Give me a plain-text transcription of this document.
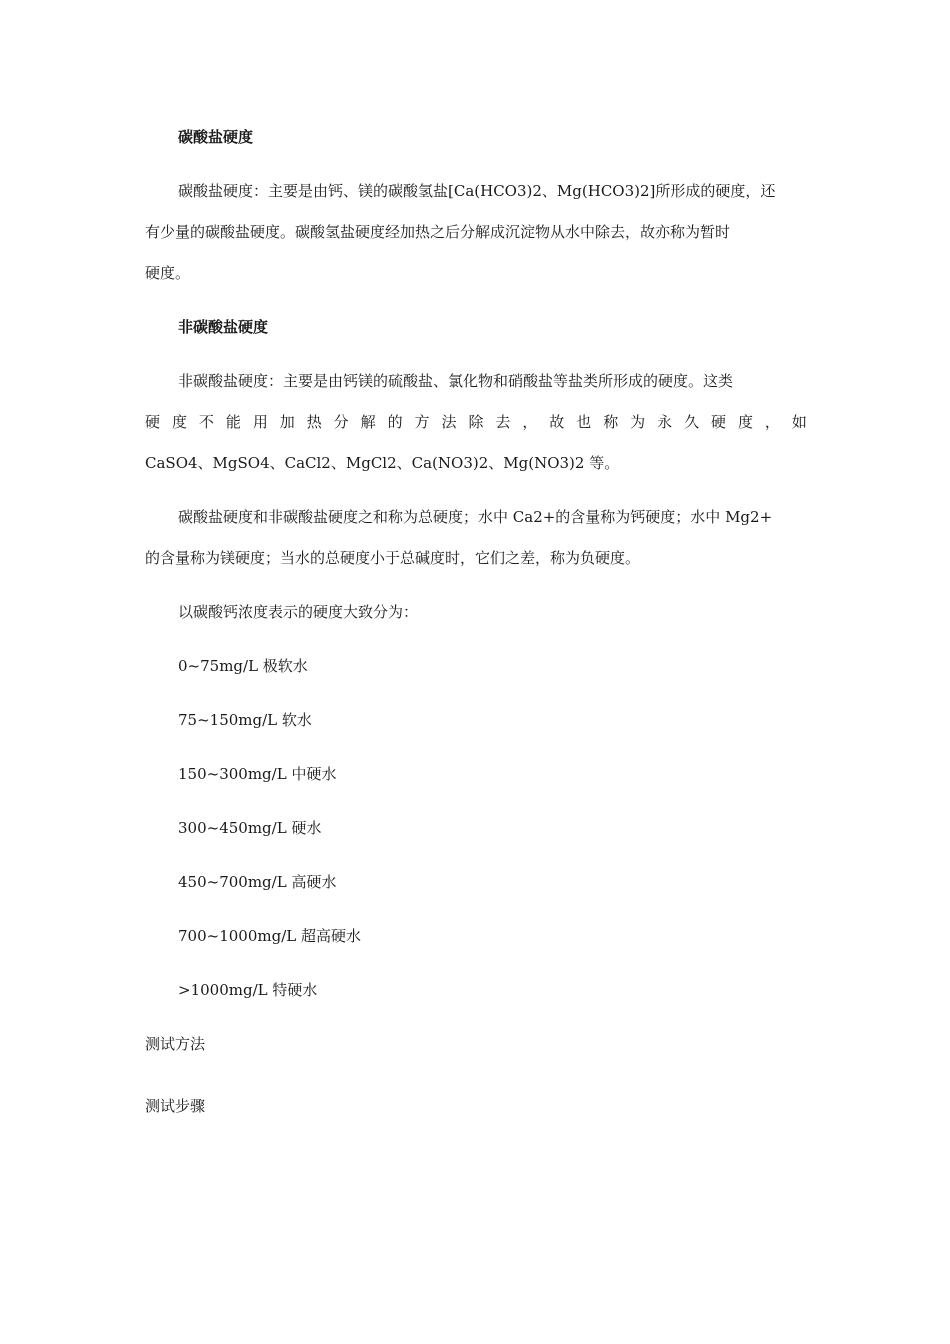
碳酸盐硬度
碳酸盐硬度：主要是由钙、镁的碳酸氢盐[Ca(HCO3)2、Mg(HCO3)2]所形成的硬度，还
有少量的碳酸盐硬度。碳酸氢盐硬度经加热之后分解成沉淀物从水中除去，故亦称为暂时
硬度。
非碳酸盐硬度
非碳酸盐硬度：主要是由钙镁的硫酸盐、氯化物和硝酸盐等盐类所形成的硬度。这类
硬 度 不 能 用 加 热 分 解 的 方 法 除 去 ， 故 也 称 为 永 久 硬 度 ， 如
CaSO4、MgSO4、CaCl2、MgCl2、Ca(NO3)2、Mg(NO3)2 等。
碳酸盐硬度和非碳酸盐硬度之和称为总硬度；水中 Ca2+的含量称为钙硬度；水中 Mg2+
的含量称为镁硬度；当水的总硬度小于总碱度时，它们之差，称为负硬度。
以碳酸钙浓度表示的硬度大致分为：
0~75mg/L 极软水
75~150mg/L 软水
150~300mg/L 中硬水
300~450mg/L 硬水
450~700mg/L 高硬水
700~1000mg/L 超高硬水
>1000mg/L 特硬水
测试方法
测试步骤
